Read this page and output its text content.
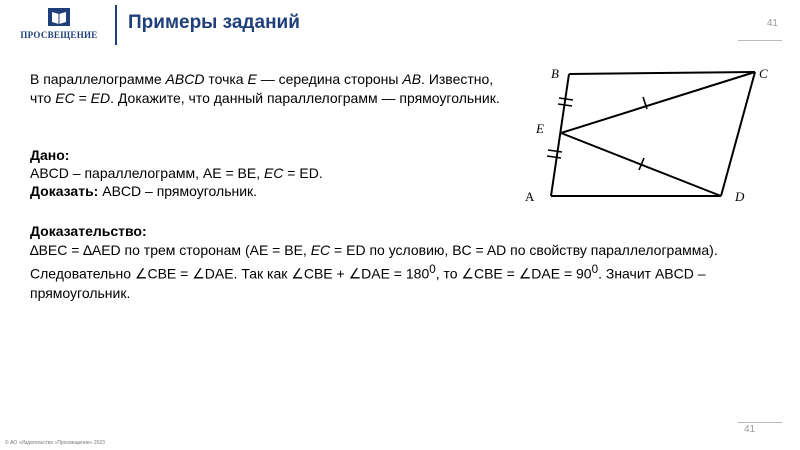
ПРОСВЕЩЕНИЕ
Примеры заданий	41
В параллелограмме ABCD точка E — середина стороны AB. Известно,
что EC = ED. Докажите, что данный параллелограмм — прямоугольник.
Дано:
ABCD – параллелограмм, AE = BE, EC = ED.
Доказать: ABCD – прямоугольник.
Доказательство:
∆BEC = ∆AED по трем сторонам (AE = BE, EC = ED по условию, BC = AD по свойству параллелограмма).
Следовательно ∠CBE = ∠DAE. Так как ∠CBE + ∠DAE = $180^0$, то ∠CBE = ∠DAE = $90^0$. Значит ABCD –
прямоугольник.
B	C
E
D
A
© АО «Издательство «Просвещение» 2023
41
